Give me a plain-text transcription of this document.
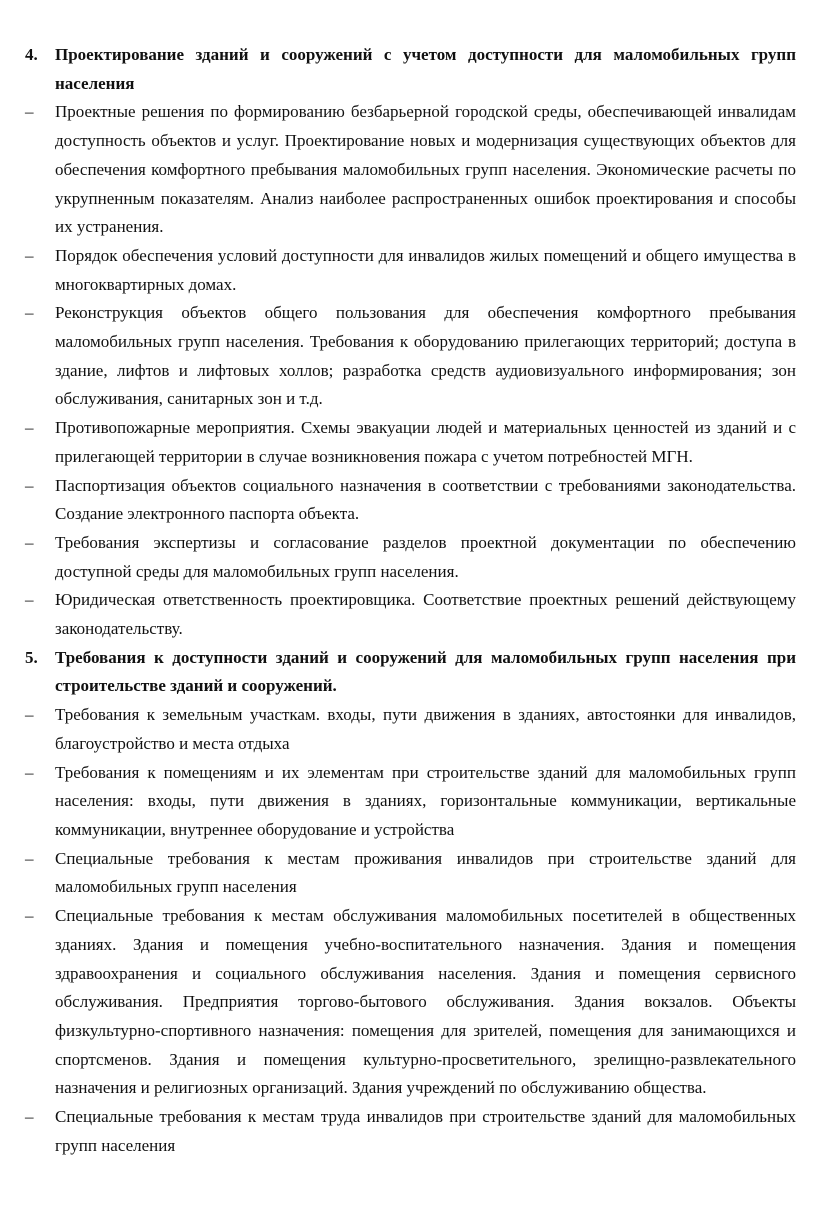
4.	Проектирование зданий и сооружений с учетом доступности для маломобильных групп населения
–	Проектные решения по формированию безбарьерной городской среды, обеспечивающей инвалидам доступность объектов и услуг. Проектирование новых и модернизация существующих объектов для обеспечения комфортного пребывания маломобильных групп населения. Экономические расчеты по укрупненным показателям. Анализ наиболее распространенных ошибок проектирования и способы их устранения.
–	Порядок обеспечения условий доступности для инвалидов жилых помещений и общего имущества в многоквартирных домах.
–	Реконструкция объектов общего пользования для обеспечения комфортного пребывания маломобильных групп населения. Требования к оборудованию прилегающих территорий; доступа в здание, лифтов и лифтовых холлов; разработка средств аудиовизуального информирования; зон обслуживания, санитарных зон и т.д.
–	Противопожарные мероприятия. Схемы эвакуации людей и материальных ценностей из зданий и с прилегающей территории в случае возникновения пожара с учетом потребностей МГН.
–	Паспортизация объектов социального назначения в соответствии с требованиями законодательства. Создание электронного паспорта объекта.
–	Требования экспертизы и согласование разделов проектной документации по обеспечению доступной среды для маломобильных групп населения.
–	Юридическая ответственность проектировщика. Соответствие проектных решений действующему законодательству.
5.	Требования к доступности зданий и сооружений для маломобильных групп населения при строительстве зданий и сооружений.
–	Требования к земельным участкам. входы, пути движения в зданиях, автостоянки для инвалидов, благоустройство и места отдыха
–	Требования к помещениям и их элементам при строительстве зданий для маломобильных групп населения: входы, пути движения в зданиях, горизонтальные коммуникации, вертикальные коммуникации, внутреннее оборудование и устройства
–	Специальные требования к местам проживания инвалидов при строительстве зданий для маломобильных групп населения
–	Специальные требования к местам обслуживания маломобильных посетителей в общественных зданиях. Здания и помещения учебно-воспитательного назначения. Здания и помещения здравоохранения и социального обслуживания населения. Здания и помещения сервисного обслуживания. Предприятия торгово-бытового обслуживания. Здания вокзалов. Объекты физкультурно-спортивного назначения: помещения для зрителей, помещения для занимающихся и спортсменов. Здания и помещения культурно-просветительного, зрелищно-развлекательного назначения и религиозных организаций. Здания учреждений по обслуживанию общества.
–	Специальные требования к местам труда инвалидов при строительстве зданий для маломобильных групп населения
